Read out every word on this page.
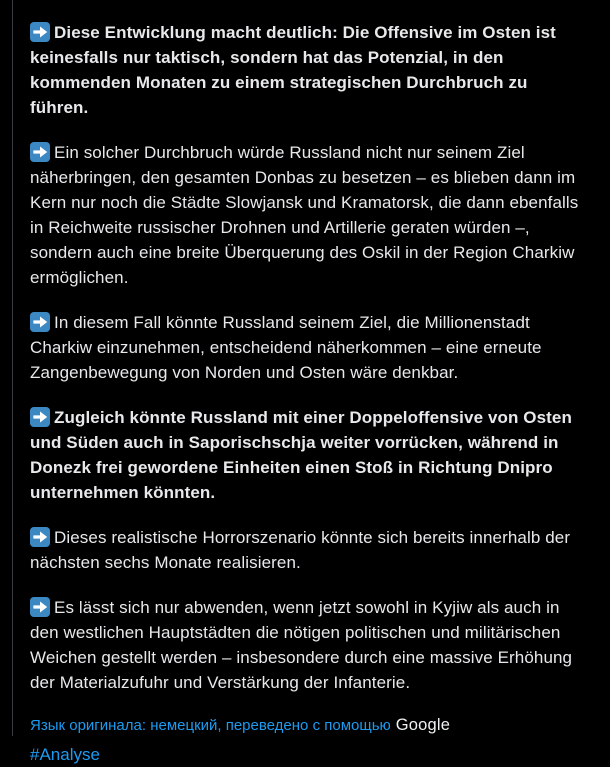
Diese Entwicklung macht deutlich: Die Offensive im Osten ist keinesfalls nur taktisch, sondern hat das Potenzial, in den kommenden Monaten zu einem strategischen Durchbruch zu führen.

Ein solcher Durchbruch würde Russland nicht nur seinem Ziel näherbringen, den gesamten Donbas zu besetzen – es blieben dann im Kern nur noch die Städte Slowjansk und Kramatorsk, die dann ebenfalls in Reichweite russischer Drohnen und Artillerie geraten würden –, sondern auch eine breite Überquerung des Oskil in der Region Charkiw ermöglichen.

In diesem Fall könnte Russland seinem Ziel, die Millionenstadt Charkiw einzunehmen, entscheidend näherkommen – eine erneute Zangenbewegung von Norden und Osten wäre denkbar.

Zugleich könnte Russland mit einer Doppeloffensive von Osten und Süden auch in Saporischschja weiter vorrücken, während in Donezk frei gewordene Einheiten einen Stoß in Richtung Dnipro unternehmen könnten.

Dieses realistische Horrorszenario könnte sich bereits innerhalb der nächsten sechs Monate realisieren.

Es lässt sich nur abwenden, wenn jetzt sowohl in Kyjiw als auch in den westlichen Hauptstädten die nötigen politischen und militärischen Weichen gestellt werden – insbesondere durch eine massive Erhöhung der Materialzufuhr und Verstärkung der Infanterie.

Язык оригинала: немецкий, переведено с помощью Google
#Analyse
